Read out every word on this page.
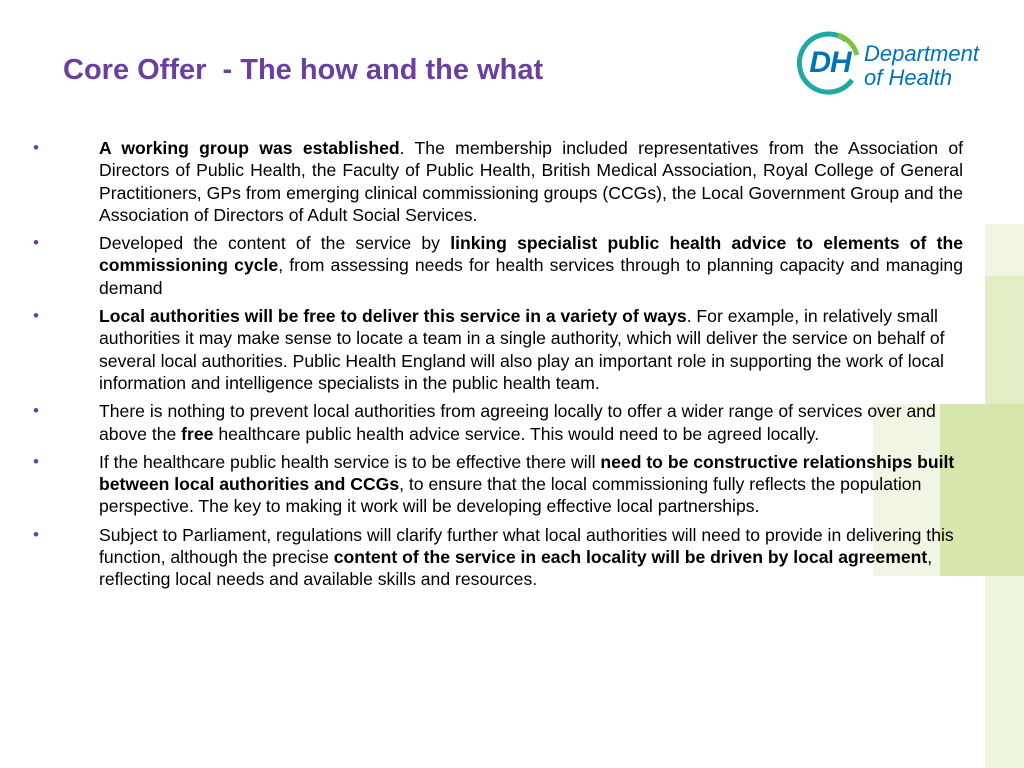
Core Offer  - The how and the what	DH Department
of Health
•	A working group was established. The membership included representatives from the Association of Directors of Public Health, the Faculty of Public Health, British Medical Association, Royal College of General Practitioners, GPs from emerging clinical commissioning groups (CCGs), the Local Government Group and the Association of Directors of Adult Social Services.
•	Developed the content of the service by linking specialist public health advice to elements of the commissioning cycle, from assessing needs for health services through to planning capacity and managing demand
•	Local authorities will be free to deliver this service in a variety of ways. For example, in relatively small authorities it may make sense to locate a team in a single authority, which will deliver the service on behalf of several local authorities. Public Health England will also play an important role in supporting the work of local information and intelligence specialists in the public health team.
•	There is nothing to prevent local authorities from agreeing locally to offer a wider range of services over and above the free healthcare public health advice service. This would need to be agreed locally.
•	If the healthcare public health service is to be effective there will need to be constructive relationships built between local authorities and CCGs, to ensure that the local commissioning fully reflects the population perspective. The key to making it work will be developing effective local partnerships.
•	Subject to Parliament, regulations will clarify further what local authorities will need to provide in delivering this function, although the precise content of the service in each locality will be driven by local agreement, reflecting local needs and available skills and resources.
